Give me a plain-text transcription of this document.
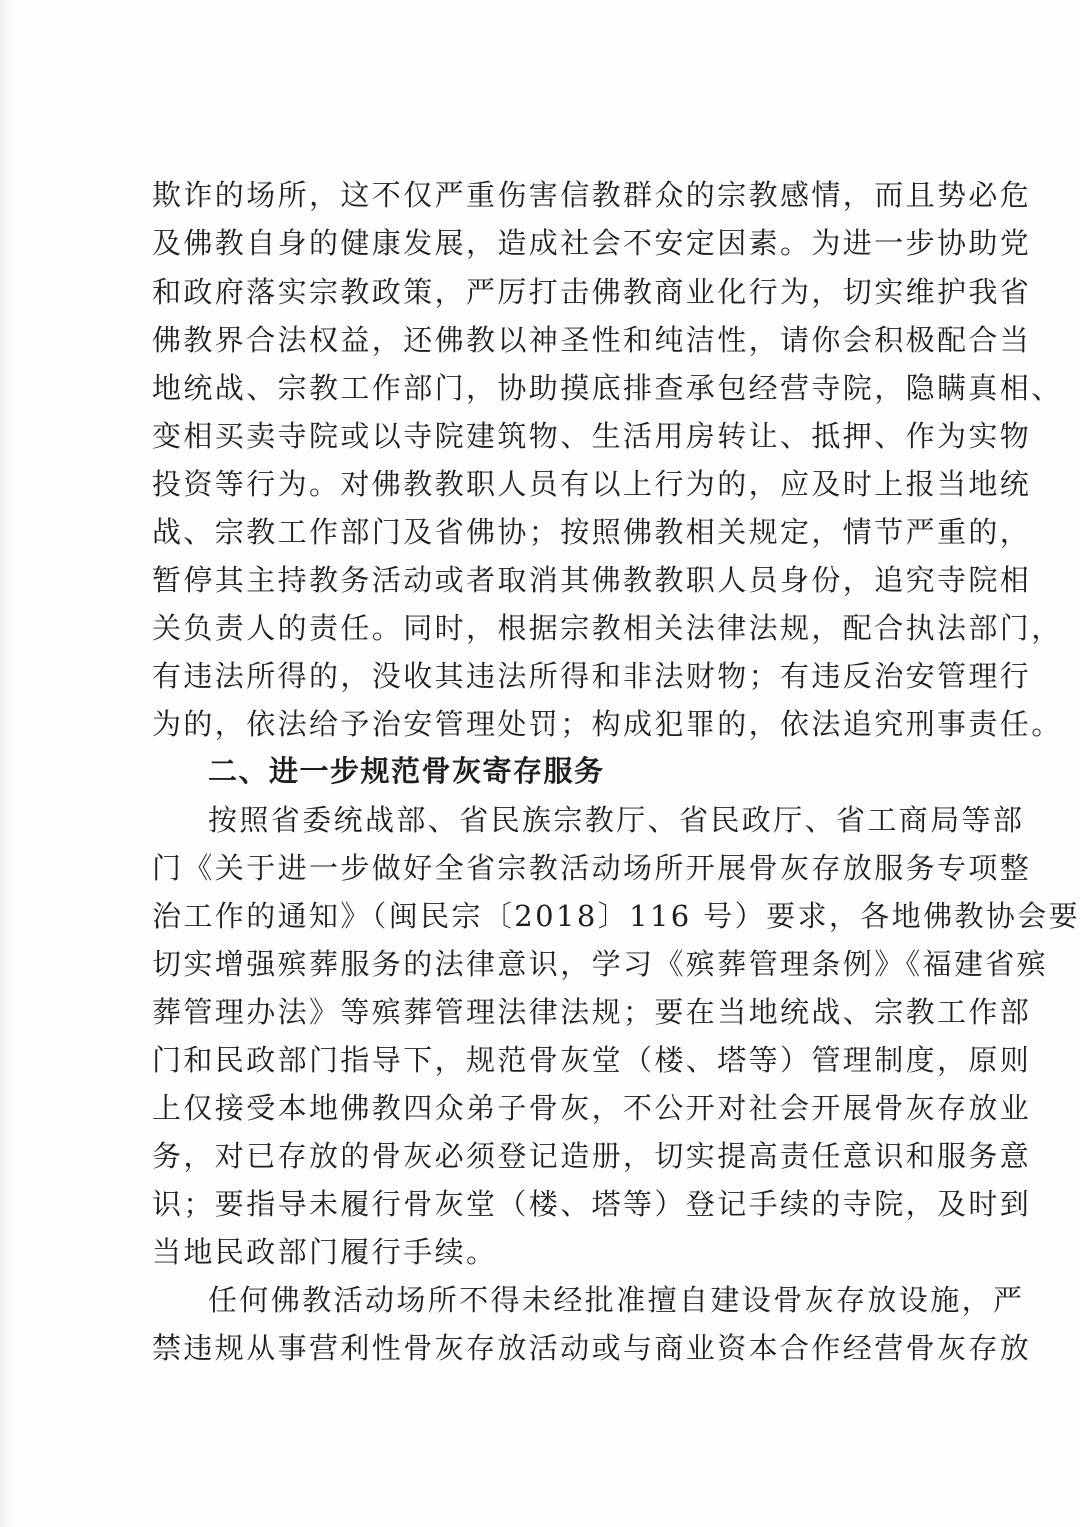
欺诈的场所，这不仅严重伤害信教群众的宗教感情，而且势必危
及佛教自身的健康发展，造成社会不安定因素。为进一步协助党
和政府落实宗教政策，严厉打击佛教商业化行为，切实维护我省
佛教界合法权益，还佛教以神圣性和纯洁性，请你会积极配合当
地统战、宗教工作部门，协助摸底排查承包经营寺院，隐瞒真相、
变相买卖寺院或以寺院建筑物、生活用房转让、抵押、作为实物
投资等行为。对佛教教职人员有以上行为的，应及时上报当地统
战、宗教工作部门及省佛协；按照佛教相关规定，情节严重的，
暂停其主持教务活动或者取消其佛教教职人员身份，追究寺院相
关负责人的责任。同时，根据宗教相关法律法规，配合执法部门，
有违法所得的，没收其违法所得和非法财物；有违反治安管理行
为的，依法给予治安管理处罚；构成犯罪的，依法追究刑事责任。
二、进一步规范骨灰寄存服务
按照省委统战部、省民族宗教厅、省民政厅、省工商局等部
门《关于进一步做好全省宗教活动场所开展骨灰存放服务专项整
治工作的通知》（闽民宗〔2018〕116 号）要求，各地佛教协会要
切实增强殡葬服务的法律意识，学习《殡葬管理条例》《福建省殡
葬管理办法》等殡葬管理法律法规；要在当地统战、宗教工作部
门和民政部门指导下，规范骨灰堂（楼、塔等）管理制度，原则
上仅接受本地佛教四众弟子骨灰，不公开对社会开展骨灰存放业
务，对已存放的骨灰必须登记造册，切实提高责任意识和服务意
识；要指导未履行骨灰堂（楼、塔等）登记手续的寺院，及时到
当地民政部门履行手续。
任何佛教活动场所不得未经批准擅自建设骨灰存放设施，严
禁违规从事营利性骨灰存放活动或与商业资本合作经营骨灰存放
